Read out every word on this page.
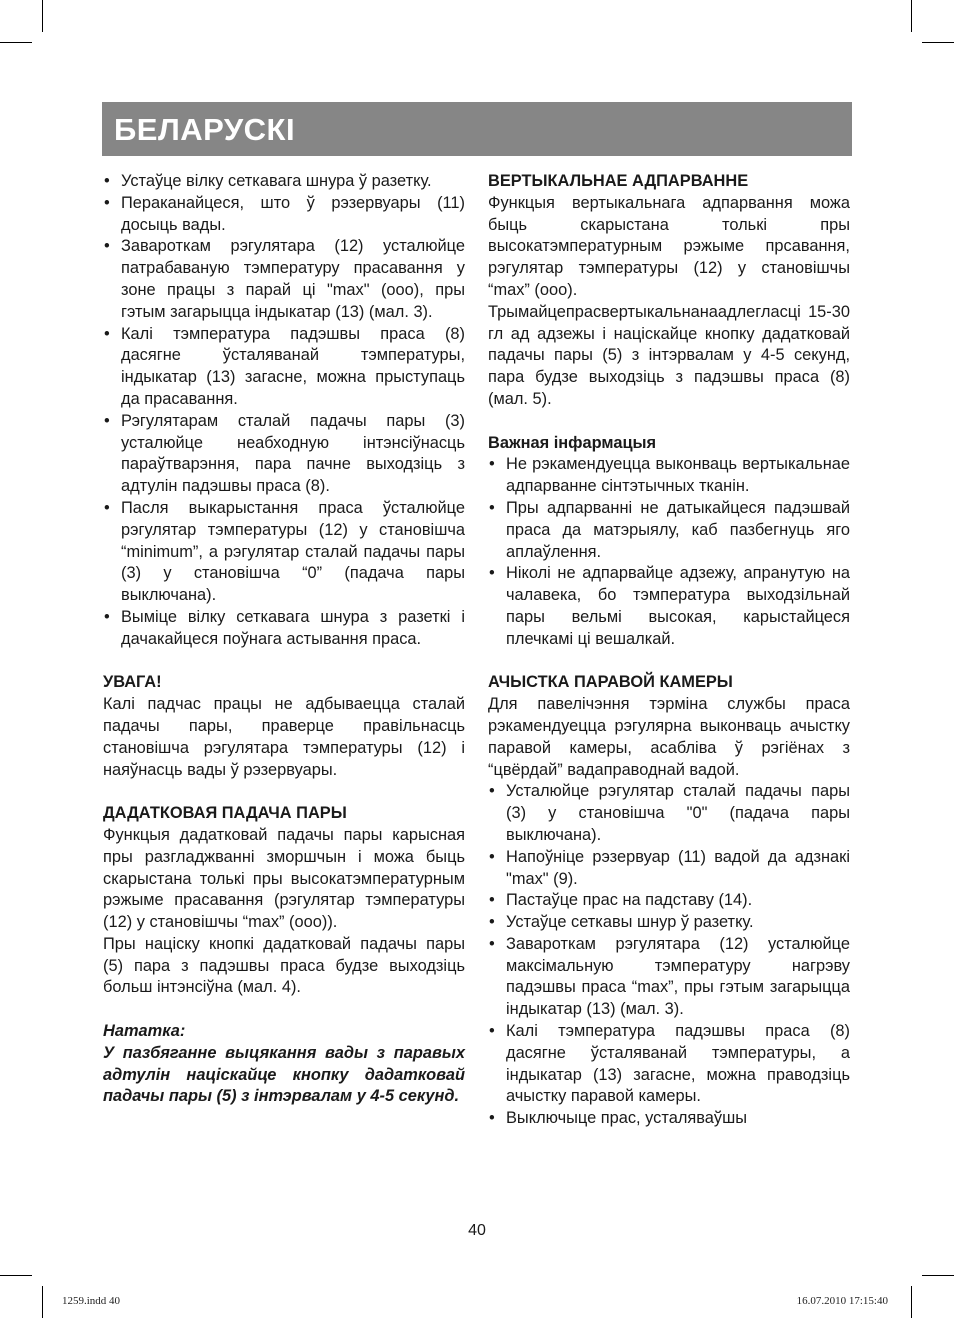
БЕЛАРУСКІ
• Устаўце вілку сеткавага шнура ў разетку.
• Пераканайцеся, што ў рэзервуары (11) досыць вады.
• Завароткам рэгулятара (12) усталюйце патрабаваную тэмпературу прасавання у зоне працы з парай ці "max" (ооо), пры гэтым загарыцца індыкатар (13) (мал. 3).
• Калі тэмпература падэшвы праса (8) дасягне ўсталяванай тэмпературы, індыкатар (13) загасне, можна прыступаць да прасавання.
• Рэгулятарам сталай падачы пары (3) усталюйце неабходную інтэнсіўнасць параўтварэння, пара пачне выходзіць з адтулін падэшвы праса (8).
• Пасля выкарыстання праса ўсталюйце рэгулятар тэмпературы (12) у становішча “minimum”, а рэгулятар сталай падачы пары (3) у становішча “0” (падача пары выключана).
• Выміце вілку сеткавага шнура з разеткі і дачакайцеся поўнага астывання праса.

УВАГА!

Калі падчас працы не адбываецца сталай падачы пары, праверце правільнасць становішча рэгулятара тэмпературы (12) і наяўнасць вады ў рэзервуары.

ДАДАТКОВАЯ ПАДАЧА ПАРЫ

Функцыя дадатковай падачы пары карысная пры разгладжванні зморшчын і можа быць скарыстана толькі пры высокатэмпературным рэжыме прасавання (рэгулятар тэмпературы (12) у становішчы “max” (ооо)).

Пры націску кнопкі дадатковай падачы пары (5) пара з падэшвы праса будзе выходзіць больш інтэнсіўна (мал. 4).

Нататка:

У пазбяганне выцякання вады з паравых адтулін націскайце кнопку дадатковай падачы пары (5) з інтэрвалам у 4-5 секунд.

ВЕРТЫКАЛЬНАЕ АДПАРВАННЕ

Функцыя вертыкальнага адпарвання можа быць скарыстана толькі пры высокатэмпературным рэжыме прсавання, рэгулятар тэмпературы (12) у становішчы “max” (ооо).

Трымайцепрасвертыкальнанаадлегласці 15-30 гл ад адзежы і націскайце кнопку дадатковай падачы пары (5) з інтэрвалам у 4-5 секунд, пара будзе выходзіць з падэшвы праса (8) (мал. 5).

Важная інфармацыя

• Не рэкамендуецца выконваць вертыкальнае адпарванне сінтэтычных тканін.
• Пры адпарванні не датыкайцеся падэшвай праса да матэрыялу, каб пазбегнуць яго аплаўлення.
• Ніколі не адпарвайце адзежу, апранутую на чалавека, бо тэмпература выходзільнай пары вельмі высокая, карыстайцеся плечкамі ці вешалкай.

АЧЫСТКА ПАРАВОЙ КАМЕРЫ

Для павелічэння тэрміна службы праса рэкамендуецца рэгулярна выконваць ачыстку паравой камеры, асабліва ў рэгіёнах з “цвёрдай” вадаправоднай вадой.

• Усталюйце рэгулятар сталай падачы пары (3) у становішча "0" (падача пары выключана).
• Напоўніце рэзервуар (11) вадой да адзнакі "max" (9).
• Пастаўце прас на падставу (14).
• Устаўце сеткавы шнур ў разетку.
• Завароткам рэгулятара (12) усталюйце максімальную тэмпературу нагрэву падэшвы праса “max”, пры гэтым загарыцца індыкатар (13) (мал. 3).
• Калі тэмпература падэшвы праса (8) дасягне ўсталяванай тэмпературы, а індыкатар (13) загасне, можна праводзіць ачыстку паравой камеры.
• Выключыце прас, усталяваўшы
40
1259.indd 40	16.07.2010 17:15:40
